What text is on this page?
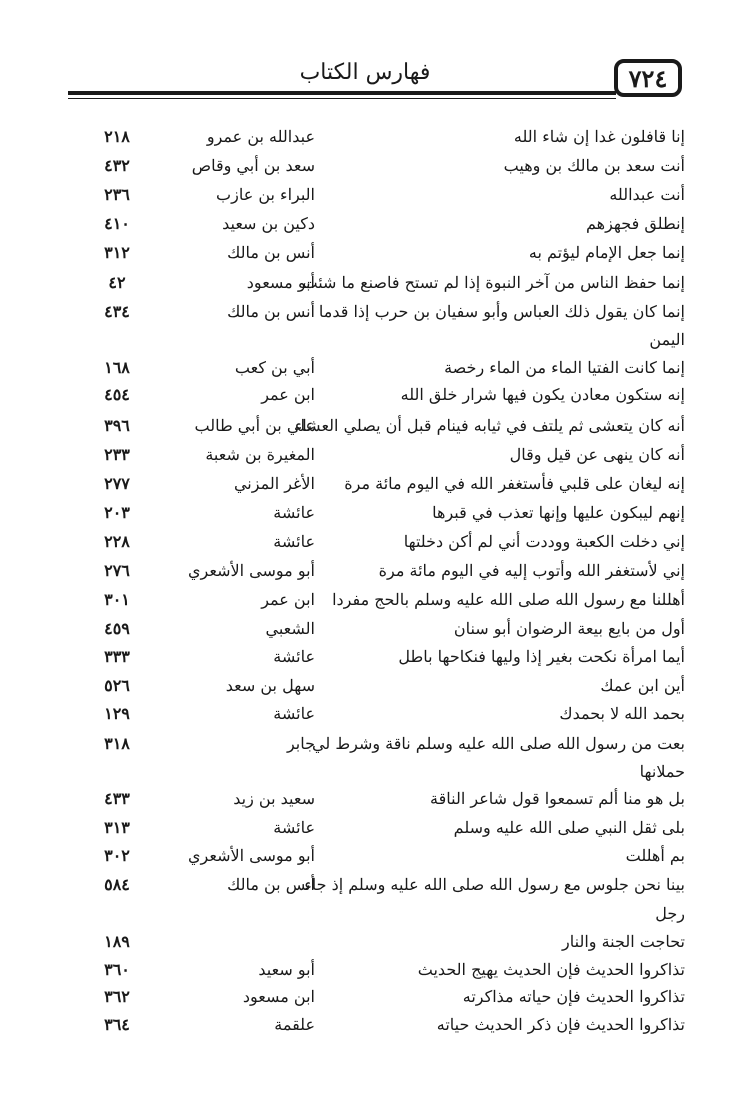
فهارس الكتاب	٧٢٤
إنا قافلون غدا إن شاء الله
عبدالله بن عمرو
٢١٨
أنت سعد بن مالك بن وهيب
سعد بن أبي وقاص
٤٣٢
أنت عبدالله
البراء بن عازب
٢٣٦
إنطلق فجهزهم
دكين بن سعيد
٤١٠
إنما جعل الإمام ليؤتم به
أنس بن مالك
٣١٢
إنما حفظ الناس من آخر النبوة إذا لم تستح فاصنع ما شئت
أبو مسعود
٤٢
إنما كان يقول ذلك العباس وأبو سفيان بن حرب إذا قدما
أنس بن مالك
٤٣٤
اليمن
إنما كانت الفتيا الماء من الماء رخصة
أبي بن كعب
١٦٨
إنه ستكون معادن يكون فيها شرار خلق الله
ابن عمر
٤٥٤
أنه كان يتعشى ثم يلتف في ثيابه فينام قبل أن يصلي العشاء
علي بن أبي طالب
٣٩٦
أنه كان ينهى عن قيل وقال
المغيرة بن شعبة
٢٣٣
إنه ليغان على قلبي فأستغفر الله في اليوم مائة مرة
الأغر المزني
٢٧٧
إنهم ليبكون عليها وإنها تعذب في قبرها
عائشة
٢٠٣
إني دخلت الكعبة ووددت أني لم أكن دخلتها
عائشة
٢٢٨
إني لأستغفر الله وأتوب إليه في اليوم مائة مرة
أبو موسى الأشعري
٢٧٦
أهللنا مع رسول الله صلى الله عليه وسلم بالحج مفردا
ابن عمر
٣٠١
أول من بايع بيعة الرضوان أبو سنان
الشعبي
٤٥٩
أيما امرأة نكحت بغير إذا وليها فنكاحها باطل
عائشة
٣٣٣
أين ابن عمك
سهل بن سعد
٥٢٦
بحمد الله لا بحمدك
عائشة
١٢٩
بعت من رسول الله صلى الله عليه وسلم ناقة وشرط لي
جابر
٣١٨
حملانها
بل هو منا ألم تسمعوا قول شاعر الناقة
سعيد بن زيد
٤٣٣
بلى ثقل النبي صلى الله عليه وسلم
عائشة
٣١٣
بم أهللت
أبو موسى الأشعري
٣٠٢
بينا نحن جلوس مع رسول الله صلى الله عليه وسلم إذ جاء
أنس بن مالك
٥٨٤
رجل
تحاجت الجنة والنار
١٨٩
تذاكروا الحديث فإن الحديث يهيج الحديث
أبو سعيد
٣٦٠
تذاكروا الحديث فإن حياته مذاكرته
ابن مسعود
٣٦٢
تذاكروا الحديث فإن ذكر الحديث حياته
علقمة
٣٦٤
